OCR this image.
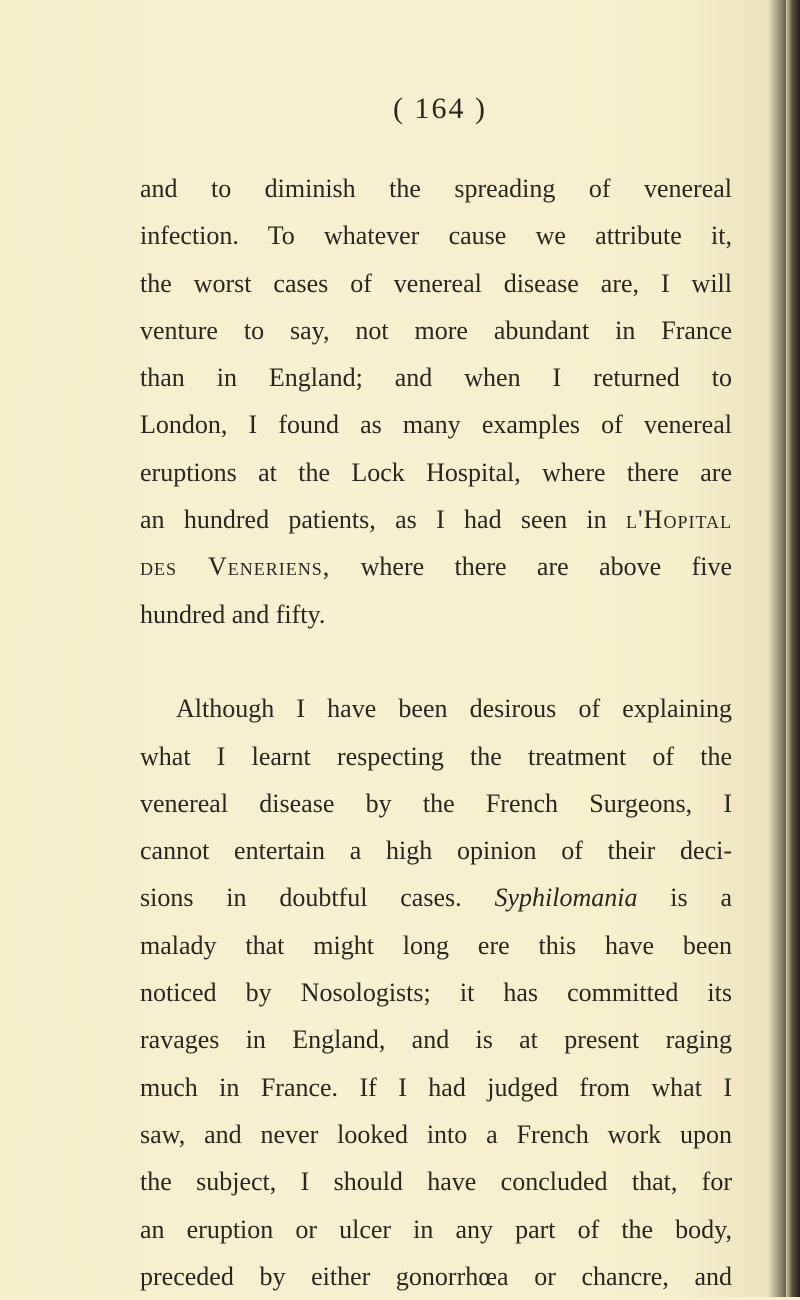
( 164 )
and to diminish the spreading of venereal
infection. To whatever cause we attribute it,
the worst cases of venereal disease are, I will
venture to say, not more abundant in France
than in England; and when I returned to
London, I found as many examples of venereal
eruptions at the Lock Hospital, where there are
an hundred patients, as I had seen in l'Hopital
des Veneriens, where there are above five
hundred and fifty.
Although I have been desirous of explaining
what I learnt respecting the treatment of the
venereal disease by the French Surgeons, I
cannot entertain a high opinion of their deci-
sions in doubtful cases. Syphilomania is a
malady that might long ere this have been
noticed by Nosologists; it has committed its
ravages in England, and is at present raging
much in France. If I had judged from what I
saw, and never looked into a French work upon
the subject, I should have concluded that, for
an eruption or ulcer in any part of the body,
preceded by either gonorrhœa or chancre, and
